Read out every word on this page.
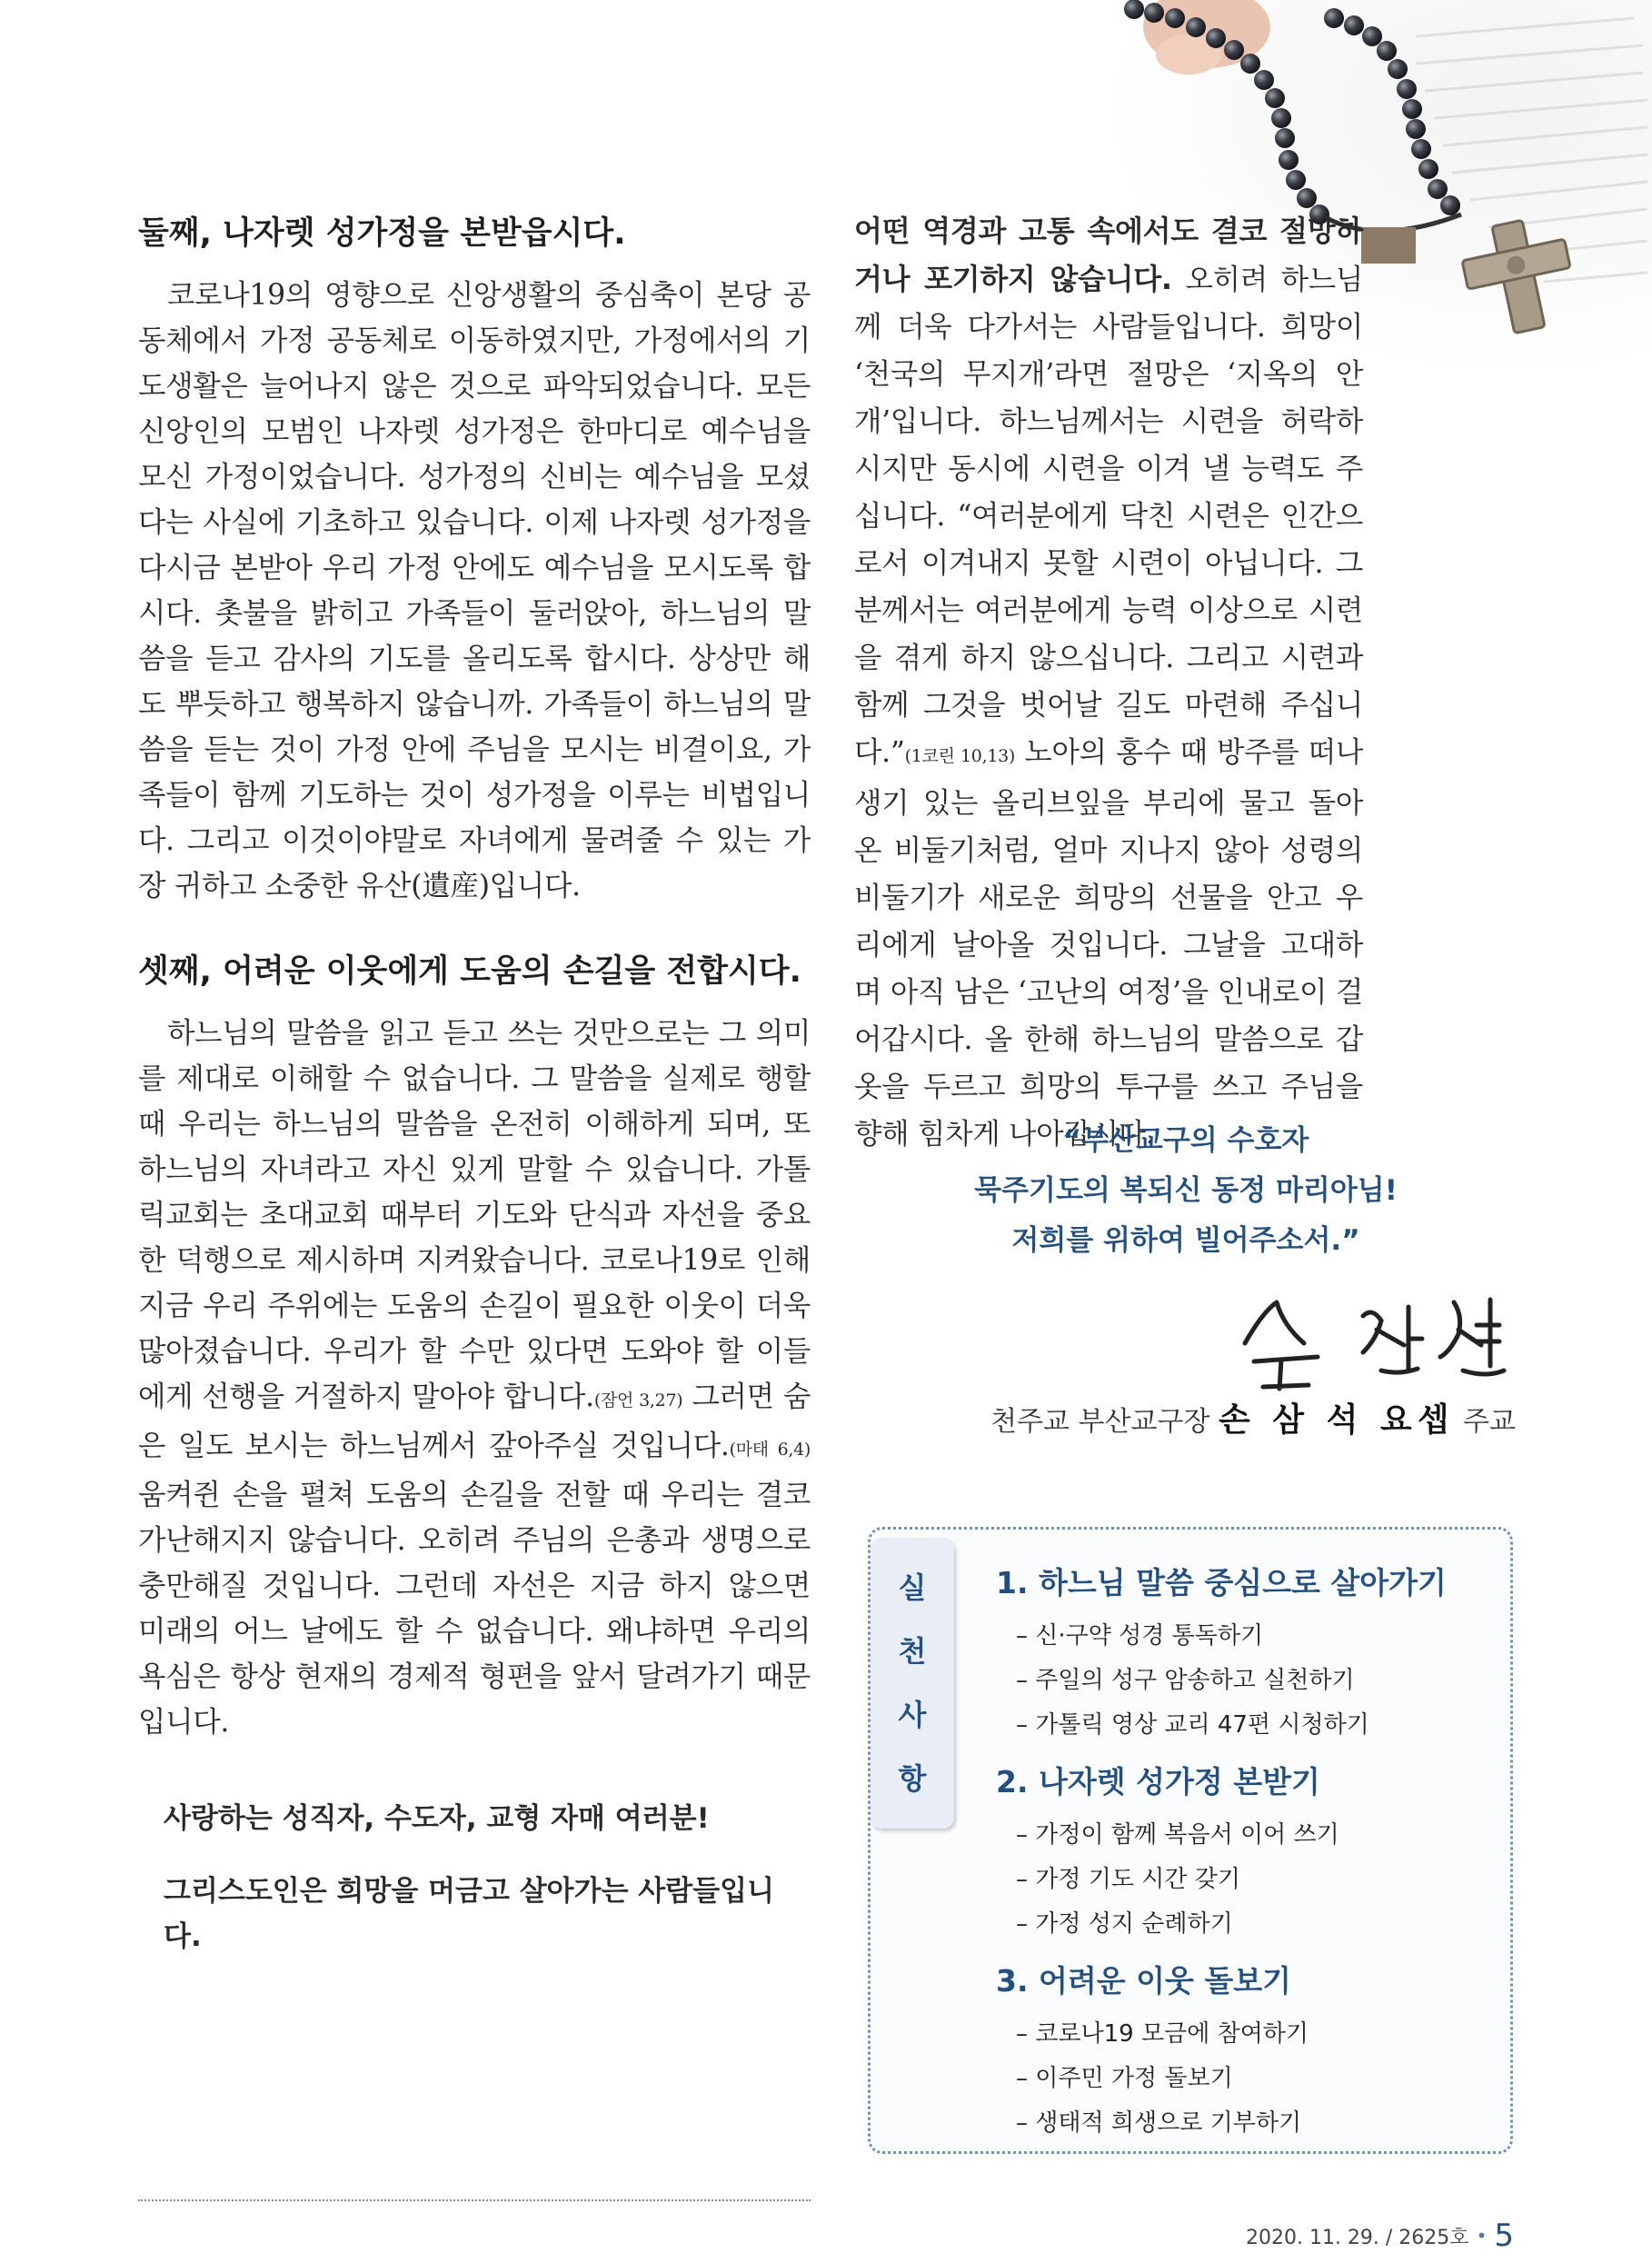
둘째, 나자렛 성가정을 본받읍시다.

코로나19의 영향으로 신앙생활의 중심축이 본당 공동체에서 가정 공동체로 이동하였지만, 가정에서의 기도생활은 늘어나지 않은 것으로 파악되었습니다. 모든 신앙인의 모범인 나자렛 성가정은 한마디로 예수님을 모신 가정이었습니다. 성가정의 신비는 예수님을 모셨다는 사실에 기초하고 있습니다. 이제 나자렛 성가정을 다시금 본받아 우리 가정 안에도 예수님을 모시도록 합시다. 촛불을 밝히고 가족들이 둘러앉아, 하느님의 말씀을 듣고 감사의 기도를 올리도록 합시다. 상상만 해도 뿌듯하고 행복하지 않습니까. 가족들이 하느님의 말씀을 듣는 것이 가정 안에 주님을 모시는 비결이요, 가족들이 함께 기도하는 것이 성가정을 이루는 비법입니다. 그리고 이것이야말로 자녀에게 물려줄 수 있는 가장 귀하고 소중한 유산(遺産)입니다.

셋째, 어려운 이웃에게 도움의 손길을 전합시다.

하느님의 말씀을 읽고 듣고 쓰는 것만으로는 그 의미를 제대로 이해할 수 없습니다. 그 말씀을 실제로 행할 때 우리는 하느님의 말씀을 온전히 이해하게 되며, 또 하느님의 자녀라고 자신 있게 말할 수 있습니다. 가톨릭교회는 초대교회 때부터 기도와 단식과 자선을 중요한 덕행으로 제시하며 지켜왔습니다. 코로나19로 인해 지금 우리 주위에는 도움의 손길이 필요한 이웃이 더욱 많아졌습니다. 우리가 할 수만 있다면 도와야 할 이들에게 선행을 거절하지 말아야 합니다.(잠언 3,27) 그러면 숨은 일도 보시는 하느님께서 갚아주실 것입니다.(마태 6,4) 움켜쥔 손을 펼쳐 도움의 손길을 전할 때 우리는 결코 가난해지지 않습니다. 오히려 주님의 은총과 생명으로 충만해질 것입니다. 그런데 자선은 지금 하지 않으면 미래의 어느 날에도 할 수 없습니다. 왜냐하면 우리의 욕심은 항상 현재의 경제적 형편을 앞서 달려가기 때문입니다.

사랑하는 성직자, 수도자, 교형 자매 여러분!

그리스도인은 희망을 머금고 살아가는 사람들입니다.

어떤 역경과 고통 속에서도 결코 절망하거나 포기하지 않습니다. 오히려 하느님께 더욱 다가서는 사람들입니다. 희망이 ‘천국의 무지개’라면 절망은 ‘지옥의 안개’입니다. 하느님께서는 시련을 허락하시지만 동시에 시련을 이겨 낼 능력도 주십니다. “여러분에게 닥친 시련은 인간으로서 이겨내지 못할 시련이 아닙니다. 그분께서는 여러분에게 능력 이상으로 시련을 겪게 하지 않으십니다. 그리고 시련과 함께 그것을 벗어날 길도 마련해 주십니다.”(1코린 10,13) 노아의 홍수 때 방주를 떠나 생기 있는 올리브잎을 부리에 물고 돌아온 비둘기처럼, 얼마 지나지 않아 성령의 비둘기가 새로운 희망의 선물을 안고 우리에게 날아올 것입니다. 그날을 고대하며 아직 남은 ‘고난의 여정’을 인내로이 걸어갑시다. 올 한해 하느님의 말씀으로 갑옷을 두르고 희망의 투구를 쓰고 주님을 향해 힘차게 나아갑시다.

“부산교구의 수호자
묵주기도의 복되신 동정 마리아님!
저희를 위하여 빌어주소서.”
천주교 부산교구장 손 삼 석 요셉 주교
실
천
사
항

1. 하느님 말씀 중심으로 살아가기

– 신·구약 성경 통독하기

– 주일의 성구 암송하고 실천하기

– 가톨릭 영상 교리 47편 시청하기

2. 나자렛 성가정 본받기

– 가정이 함께 복음서 이어 쓰기

– 가정 기도 시간 갖기

– 가정 성지 순례하기

3. 어려운 이웃 돌보기

– 코로나19 모금에 참여하기

– 이주민 가정 돌보기

– 생태적 희생으로 기부하기

2020. 11. 29. / 2625호 • 5
